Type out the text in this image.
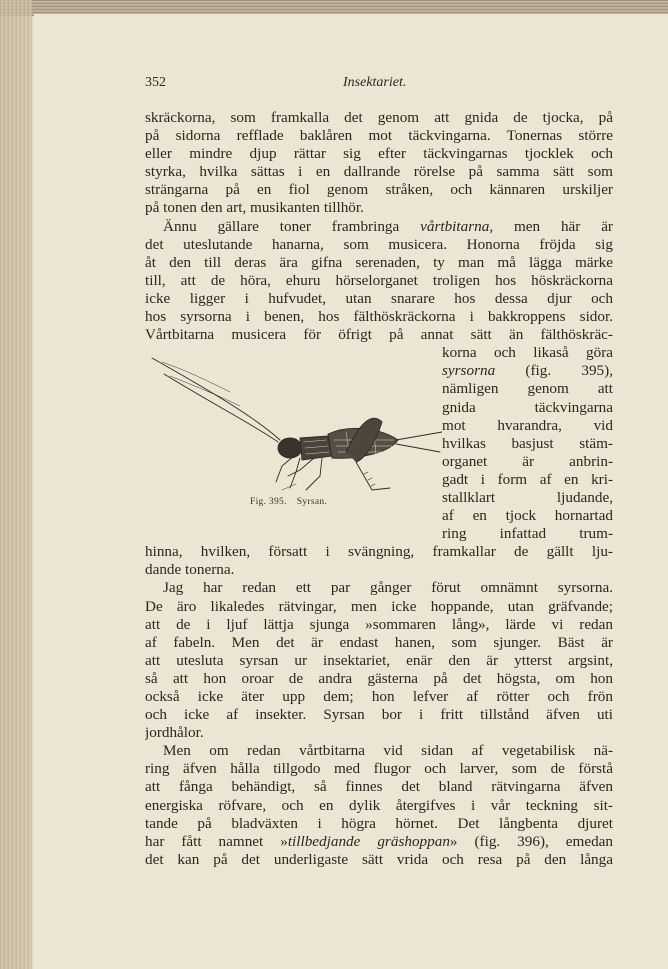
352	Insektariet.
skräckorna, som framkalla det genom att gnida de tjocka, på
på sidorna refflade baklåren mot täckvingarna. Tonernas större
eller mindre djup rättar sig efter täckvingarnas tjocklek och
styrka, hvilka sättas i en dallrande rörelse på samma sätt som
strängarna på en fiol genom stråken, och kännaren urskiljer
på tonen den art, musikanten tillhör.
Ännu gällare toner frambringa vårtbitarna, men här är
det uteslutande hanarna, som musicera. Honorna fröjda sig
åt den till deras ära gifna serenaden, ty man må lägga märke
till, att de höra, ehuru hörselorganet troligen hos höskräckorna
icke ligger i hufvudet, utan snarare hos dessa djur och
hos syrsorna i benen, hos fälthöskräckorna i bakkroppens sidor.
Vårtbitarna musicera för öfrigt på annat sätt än fälthöskräc-
korna och likaså göra
syrsorna (fig. 395),
nämligen genom att
gnida täckvingarna
mot hvarandra, vid
hvilkas basjust stäm-
organet är anbrin-
gadt i form af en kri-
stallklart ljudande,
af en tjock hornartad
ring infattad trum-
hinna, hvilken, försatt i svängning, framkallar de gällt lju-
dande tonerna.
Jag har redan ett par gånger förut omnämnt syrsorna.
De äro likaledes rätvingar, men icke hoppande, utan gräfvande;
att de i ljuf lättja sjunga »sommaren lång», lärde vi redan
af fabeln. Men det är endast hanen, som sjunger. Bäst är
att utesluta syrsan ur insektariet, enär den är ytterst argsint,
så att hon oroar de andra gästerna på det högsta, om hon
också icke äter upp dem; hon lefver af rötter och frön
och icke af insekter. Syrsan bor i fritt tillstånd äfven uti
jordhålor.
Men om redan vårtbitarna vid sidan af vegetabilisk nä-
ring äfven hålla tillgodo med flugor och larver, som de förstå
att fånga behändigt, så finnes det bland rätvingarna äfven
energiska röfvare, och en dylik återgifves i vår teckning sit-
tande på bladväxten i högra hörnet. Det långbenta djuret
har fått namnet »tillbedjande gräshoppan» (fig. 396), emedan
det kan på det underligaste sätt vrida och resa på den långa
Fig. 395. Syrsan.
